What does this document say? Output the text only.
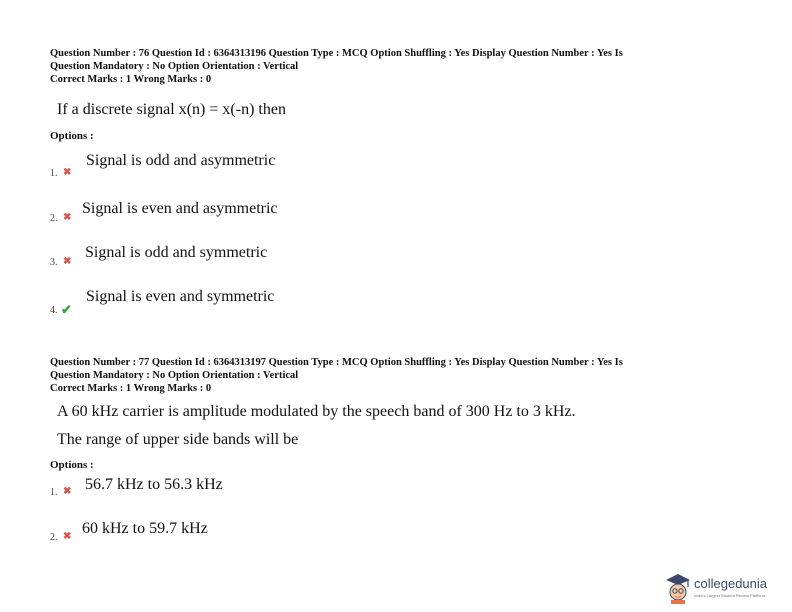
Question Number : 76 Question Id : 6364313196 Question Type : MCQ Option Shuffling : Yes Display Question Number : Yes Is
Question Mandatory : No Option Orientation : Vertical
Correct Marks : 1 Wrong Marks : 0
If a discrete signal x(n) = x(-n) then
Options :
1. ✖
Signal is odd and asymmetric
2. ✖
Signal is even and asymmetric
3. ✖
Signal is odd and symmetric
4. ✔
Signal is even and symmetric
Question Number : 77 Question Id : 6364313197 Question Type : MCQ Option Shuffling : Yes Display Question Number : Yes Is
Question Mandatory : No Option Orientation : Vertical
Correct Marks : 1 Wrong Marks : 0
A 60 kHz carrier is amplitude modulated by the speech band of 300 Hz to 3 kHz.
The range of upper side bands will be
Options :
1. ✖ 56.7 kHz to 56.3 kHz
2. ✖ 60 kHz to 59.7 kHz
collegedunia
India's Largest Student Review Platform
